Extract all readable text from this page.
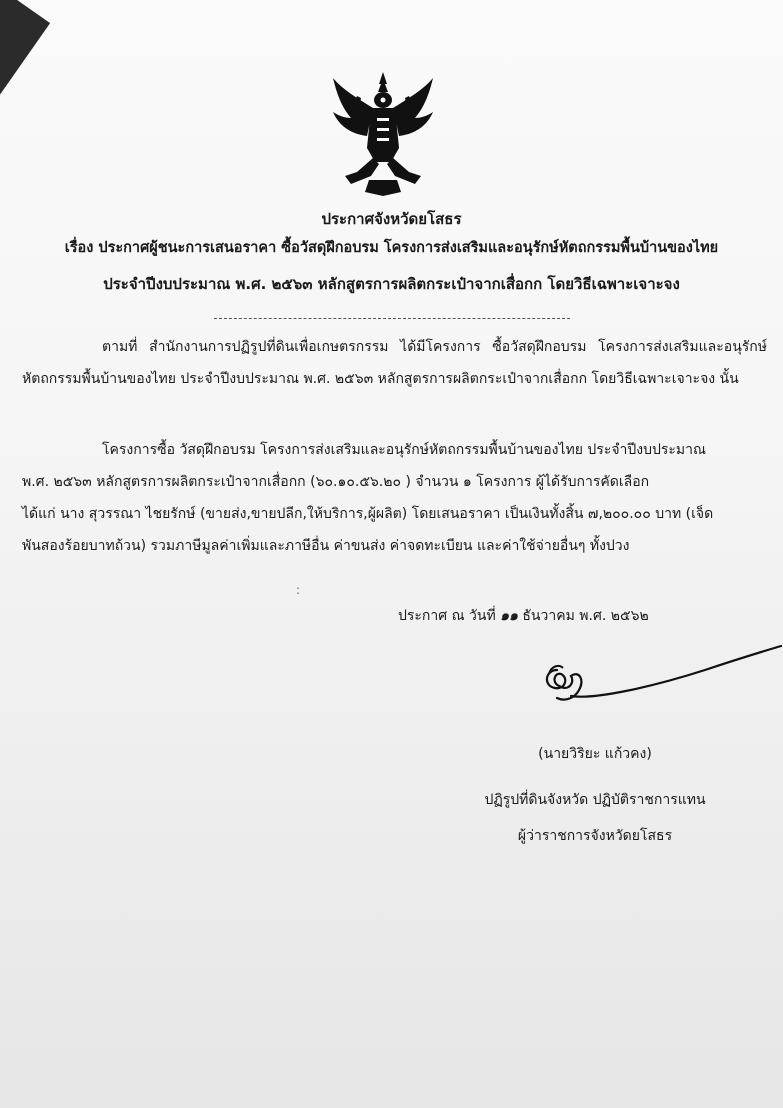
ประกาศจังหวัดยโสธร
เรื่อง ประกาศผู้ชนะการเสนอราคา ซื้อวัสดุฝึกอบรม โครงการส่งเสริมและอนุรักษ์หัตถกรรมพื้นบ้านของไทย
ประจำปีงบประมาณ พ.ศ. ๒๕๖๓ หลักสูตรการผลิตกระเป๋าจากเสื่อกก โดยวิธีเฉพาะเจาะจง
ตามที่ สำนักงานการปฏิรูปที่ดินเพื่อเกษตรกรรม ได้มีโครงการ ซื้อวัสดุฝึกอบรม โครงการส่งเสริมและอนุรักษ์หัตถกรรมพื้นบ้านของไทย ประจำปีงบประมาณ พ.ศ. ๒๕๖๓ หลักสูตรการผลิตกระเป๋าจากเสื่อกก โดยวิธีเฉพาะเจาะจง นั้น
โครงการซื้อ วัสดุฝึกอบรม โครงการส่งเสริมและอนุรักษ์หัตถกรรมพื้นบ้านของไทย ประจำปีงบประมาณ
พ.ศ. ๒๕๖๓ หลักสูตรการผลิตกระเป๋าจากเสื่อกก (๖๐.๑๐.๕๖.๒๐ ) จำนวน ๑ โครงการ ผู้ได้รับการคัดเลือก
ได้แก่ นาง สุวรรณา ไชยรักษ์ (ขายส่ง,ขายปลีก,ให้บริการ,ผู้ผลิต) โดยเสนอราคา เป็นเงินทั้งสิ้น ๗,๒๐๐.๐๐ บาท (เจ็ด
พันสองร้อยบาทถ้วน) รวมภาษีมูลค่าเพิ่มและภาษีอื่น ค่าขนส่ง ค่าจดทะเบียน และค่าใช้จ่ายอื่นๆ ทั้งปวง
:
ประกาศ ณ วันที่ ๑๑ ธันวาคม พ.ศ. ๒๕๖๒
(นายวิริยะ แก้วคง)
ปฏิรูปที่ดินจังหวัด ปฏิบัติราชการแทน
ผู้ว่าราชการจังหวัดยโสธร
